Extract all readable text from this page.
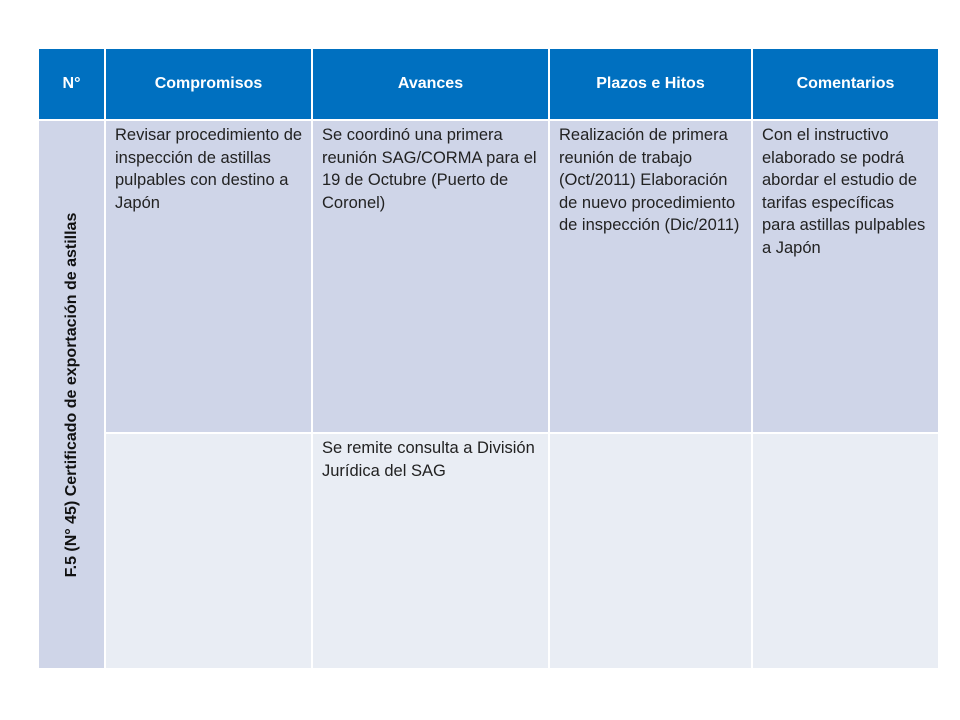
N°	Compromisos	Avances	Plazos e Hitos	Comentarios

F.5 (N° 45) Certificado de exportación de astillas	Revisar procedimiento de inspección de astillas pulpables con destino a Japón	Se coordinó una primera reunión SAG/CORMA para el 19 de Octubre (Puerto de Coronel)	Realización de primera reunión de trabajo (Oct/2011) Elaboración de nuevo procedimiento de inspección (Dic/2011)	Con el instructivo elaborado se podrá abordar el estudio de tarifas específicas para astillas pulpables a Japón
		Se remite consulta a División Jurídica del SAG		
